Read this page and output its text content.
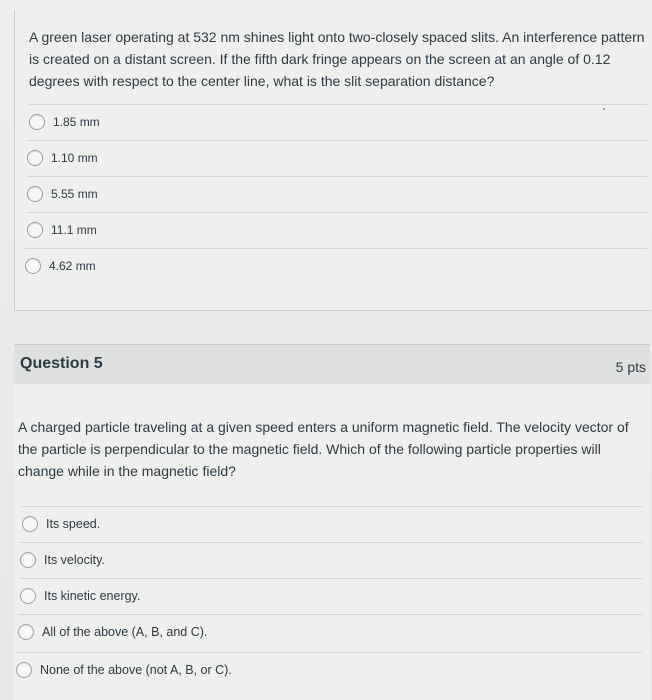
A green laser operating at 532 nm shines light onto two-closely spaced slits. An interference pattern is created on a distant screen. If the fifth dark fringe appears on the screen at an angle of 0.12 degrees with respect to the center line, what is the slit separation distance?

1.85 mm
1.10 mm
5.55 mm
11.1 mm
4.62 mm
Question 5	5 pts

A charged particle traveling at a given speed enters a uniform magnetic field. The velocity vector of the particle is perpendicular to the magnetic field. Which of the following particle properties will change while in the magnetic field?

Its speed.
Its velocity.
Its kinetic energy.
All of the above (A, B, and C).
None of the above (not A, B, or C).
